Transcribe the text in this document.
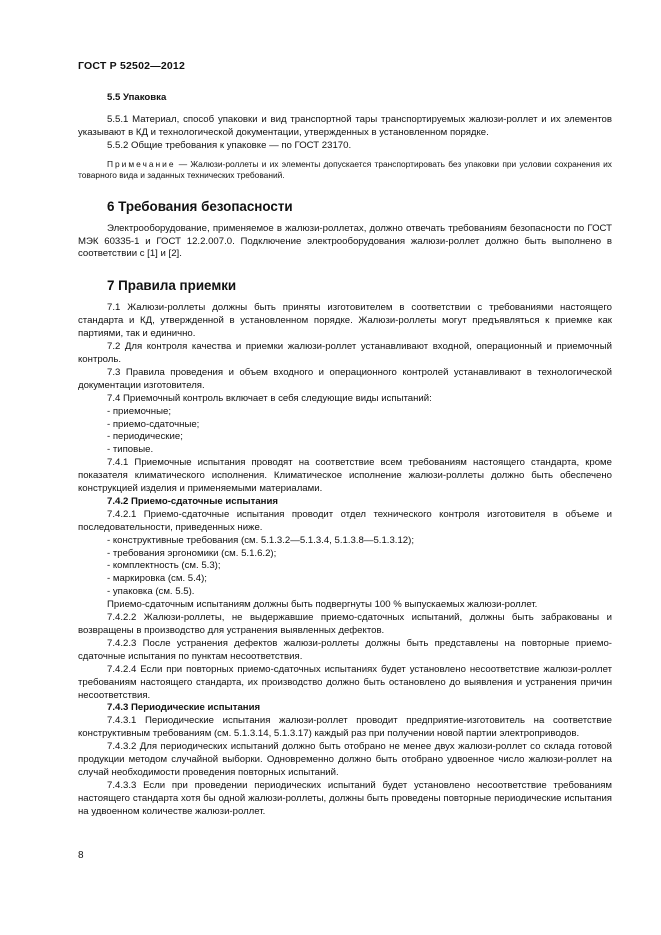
ГОСТ Р 52502—2012

5.5 Упаковка

5.5.1 Материал, способ упаковки и вид транспортной тары транспортируемых жалюзи-роллет и их элементов указывают в КД и технологической документации, утвержденных в установленном порядке.

5.5.2 Общие требования к упаковке — по ГОСТ 23170.

Примечание — Жалюзи-роллеты и их элементы допускается транспортировать без упаковки при условии сохранения их товарного вида и заданных технических требований.

6 Требования безопасности

Электрооборудование, применяемое в жалюзи-роллетах, должно отвечать требованиям безопасности по ГОСТ МЭК 60335-1 и ГОСТ 12.2.007.0. Подключение электрооборудования жалюзи-роллет должно быть выполнено в соответствии с [1] и [2].

7 Правила приемки

7.1 Жалюзи-роллеты должны быть приняты изготовителем в соответствии с требованиями настоящего стандарта и КД, утвержденной в установленном порядке. Жалюзи-роллеты могут предъявляться к приемке как партиями, так и единично.

7.2 Для контроля качества и приемки жалюзи-роллет устанавливают входной, операционный и приемочный контроль.

7.3 Правила проведения и объем входного и операционного контролей устанавливают в технологической документации изготовителя.

7.4 Приемочный контроль включает в себя следующие виды испытаний:

- приемочные;

- приемо-сдаточные;

- периодические;

- типовые.

7.4.1 Приемочные испытания проводят на соответствие всем требованиям настоящего стандарта, кроме показателя климатического исполнения. Климатическое исполнение жалюзи-роллеты должно быть обеспечено конструкцией изделия и применяемыми материалами.

7.4.2 Приемо-сдаточные испытания

7.4.2.1 Приемо-сдаточные испытания проводит отдел технического контроля изготовителя в объеме и последовательности, приведенных ниже.

- конструктивные требования (см. 5.1.3.2—5.1.3.4, 5.1.3.8—5.1.3.12);

- требования эргономики (см. 5.1.6.2);

- комплектность (см. 5.3);

- маркировка (см. 5.4);

- упаковка (см. 5.5).

Приемо-сдаточным испытаниям должны быть подвергнуты 100 % выпускаемых жалюзи-роллет.

7.4.2.2 Жалюзи-роллеты, не выдержавшие приемо-сдаточных испытаний, должны быть забракованы и возвращены в производство для устранения выявленных дефектов.

7.4.2.3 После устранения дефектов жалюзи-роллеты должны быть представлены на повторные приемо-сдаточные испытания по пунктам несоответствия.

7.4.2.4 Если при повторных приемо-сдаточных испытаниях будет установлено несоответствие жалюзи-роллет требованиям настоящего стандарта, их производство должно быть остановлено до выявления и устранения причин несоответствия.

7.4.3 Периодические испытания

7.4.3.1 Периодические испытания жалюзи-роллет проводит предприятие-изготовитель на соответствие конструктивным требованиям (см. 5.1.3.14, 5.1.3.17) каждый раз при получении новой партии электроприводов.

7.4.3.2 Для периодических испытаний должно быть отобрано не менее двух жалюзи-роллет со склада готовой продукции методом случайной выборки. Одновременно должно быть отобрано удвоенное число жалюзи-роллет на случай необходимости проведения повторных испытаний.

7.4.3.3 Если при проведении периодических испытаний будет установлено несоответствие требованиям настоящего стандарта хотя бы одной жалюзи-роллеты, должны быть проведены повторные периодические испытания на удвоенном количестве жалюзи-роллет.

8
